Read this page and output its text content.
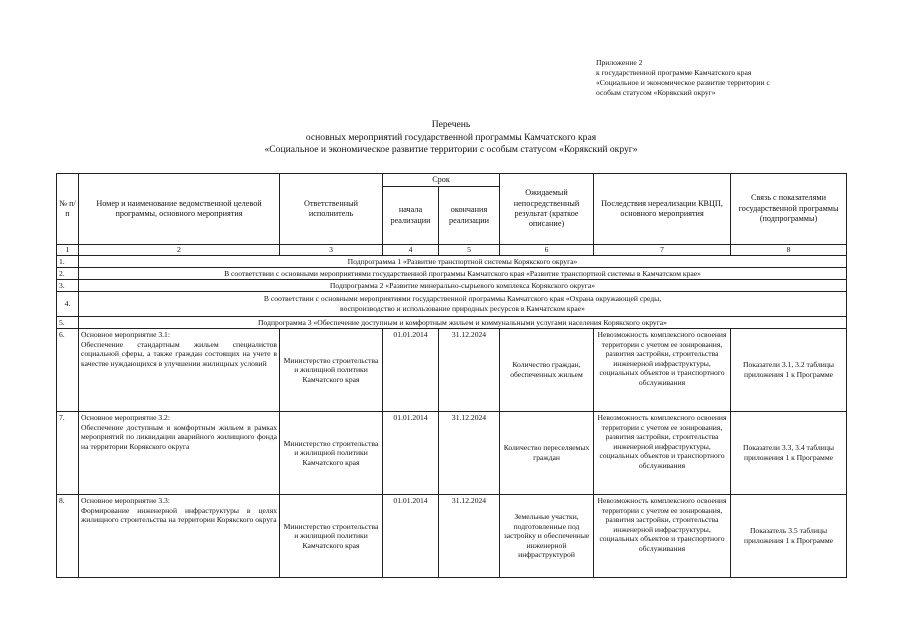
Приложение 2
к государственной программе Камчатского края
«Социальное и экономическое развитие территории с
особым статусом «Корякский округ»
Перечень
основных мероприятий государственной программы Камчатского края
«Социальное и экономическое развитие территории с особым статусом «Корякский округ»
№ п/п	Номер и наименование ведомственной целевой программы, основного мероприятия	Ответственный исполнитель	Срок		Ожидаемый непосредственный результат (краткое описание)	Последствия нереализации КВЦП, основного мероприятия	Связь с показателями государственной программы (подпрограммы)
			начала реализации	окончания реализации			
1	2	3	4	5	6	7	8
1.	Подпрограмма 1 «Развитие транспортной системы Корякского округа»						
2.	В соответствии с основными мероприятиями государственной программы Камчатского края «Развитие транспортной системы в Камчатском крае»						
3.	Подпрограмма 2 «Развитие минерально-сырьевого комплекса Корякского округа»						
4.	В соответствии с основными мероприятиями государственной программы Камчатского края «Охрана окружающей среды,
воспроизводство и использование природных ресурсов в Камчатском крае»						

5.	Подпрограмма 3 «Обеспечение доступным и комфортным жильем и коммунальными услугами населения Корякского округа»						
6.	Основное мероприятие 3.1:
Обеспечение стандартным жильем специалистов социальной сферы, а также граждан состоящих на учете в качестве нуждающихся в улучшении жилищных условий	Министерство строительства и жилищной политики Камчатского края	01.01.2014	31.12.2024	Количество граждан, обеспеченных жильем	Невозможность комплексного освоения территории с учетом ее зонирования, развития застройки, строительства инженерной инфраструктуры, социальных объектов и транспортного обслуживания	Показатели 3.1, 3.2 таблицы приложения 1 к Программе
7.	Основное мероприятие 3.2:
Обеспечение доступным и комфортным жильем в рамках мероприятий по ликвидации аварийного жилищного фонда на территории Корякского округа	Министерство строительства и жилищной политики Камчатского края	01.01.2014	31.12.2024	Количество переселяемых граждан	Невозможность комплексного освоения территории с учетом ее зонирования, развития застройки, строительства инженерной инфраструктуры, социальных объектов и транспортного обслуживания	Показатели 3.3, 3.4 таблицы приложения 1 к Программе
8.	Основное мероприятие 3.3:
Формирование инженерной инфраструктуры в целях жилищного строительства на территории Корякского округа	Министерство строительства и жилищной политики Камчатского края	01.01.2014	31.12.2024	Земельные участки, подготовленные под застройку и обеспеченные инженерной инфраструктурой	Невозможность комплексного освоения территории с учетом ее зонирования, развития застройки, строительства инженерной инфраструктуры, социальных объектов и транспортного обслуживания	Показатель 3.5 таблицы приложения 1 к Программе
